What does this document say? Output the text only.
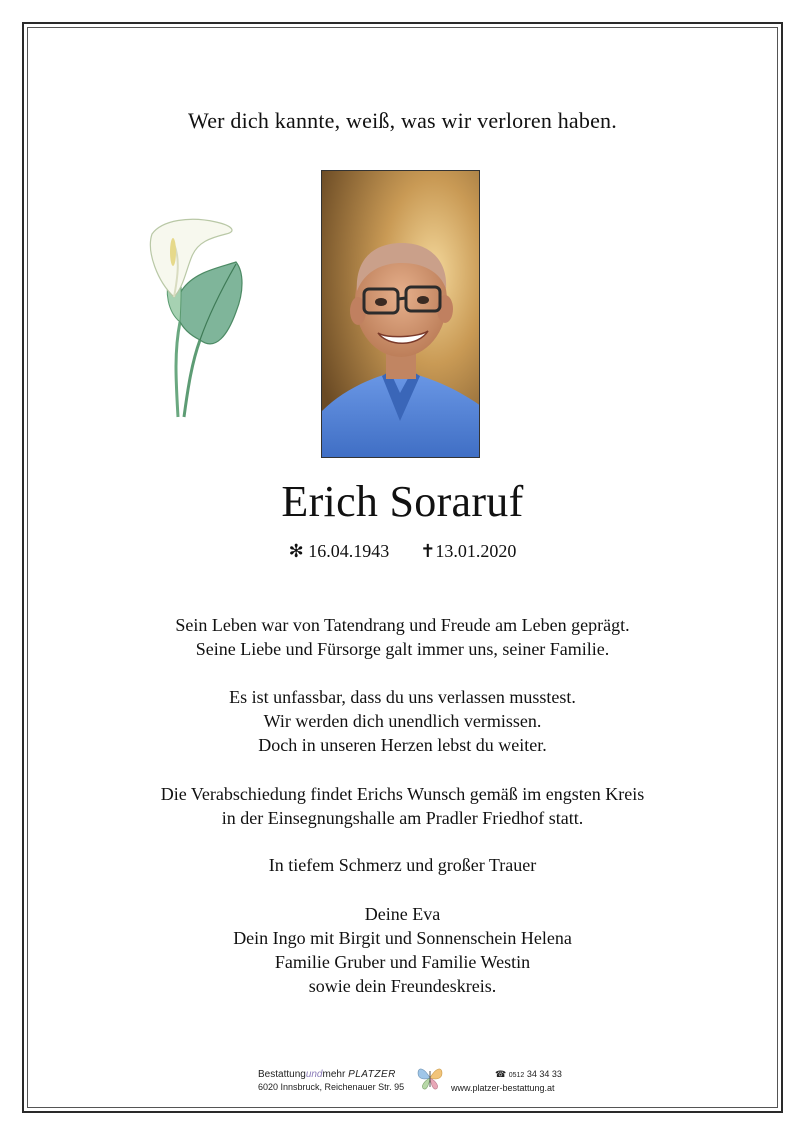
Wer dich kannte, weiß, was wir verloren haben.
Erich Soraruf
✻ 16.04.1943 ✝13.01.2020
Sein Leben war von Tatendrang und Freude am Leben geprägt.
Seine Liebe und Fürsorge galt immer uns, seiner Familie.
Es ist unfassbar, dass du uns verlassen musstest.
Wir werden dich unendlich vermissen.
Doch in unseren Herzen lebst du weiter.
Die Verabschiedung findet Erichs Wunsch gemäß im engsten Kreis
in der Einsegnungshalle am Pradler Friedhof statt.
In tiefem Schmerz und großer Trauer
Deine Eva
Dein Ingo mit Birgit und Sonnenschein Helena
Familie Gruber und Familie Westin
sowie dein Freundeskreis.
Bestattungundmehr PLATZER
6020 Innsbruck, Reichenauer Str. 95
☎ 0512 34 34 33
www.platzer-bestattung.at
